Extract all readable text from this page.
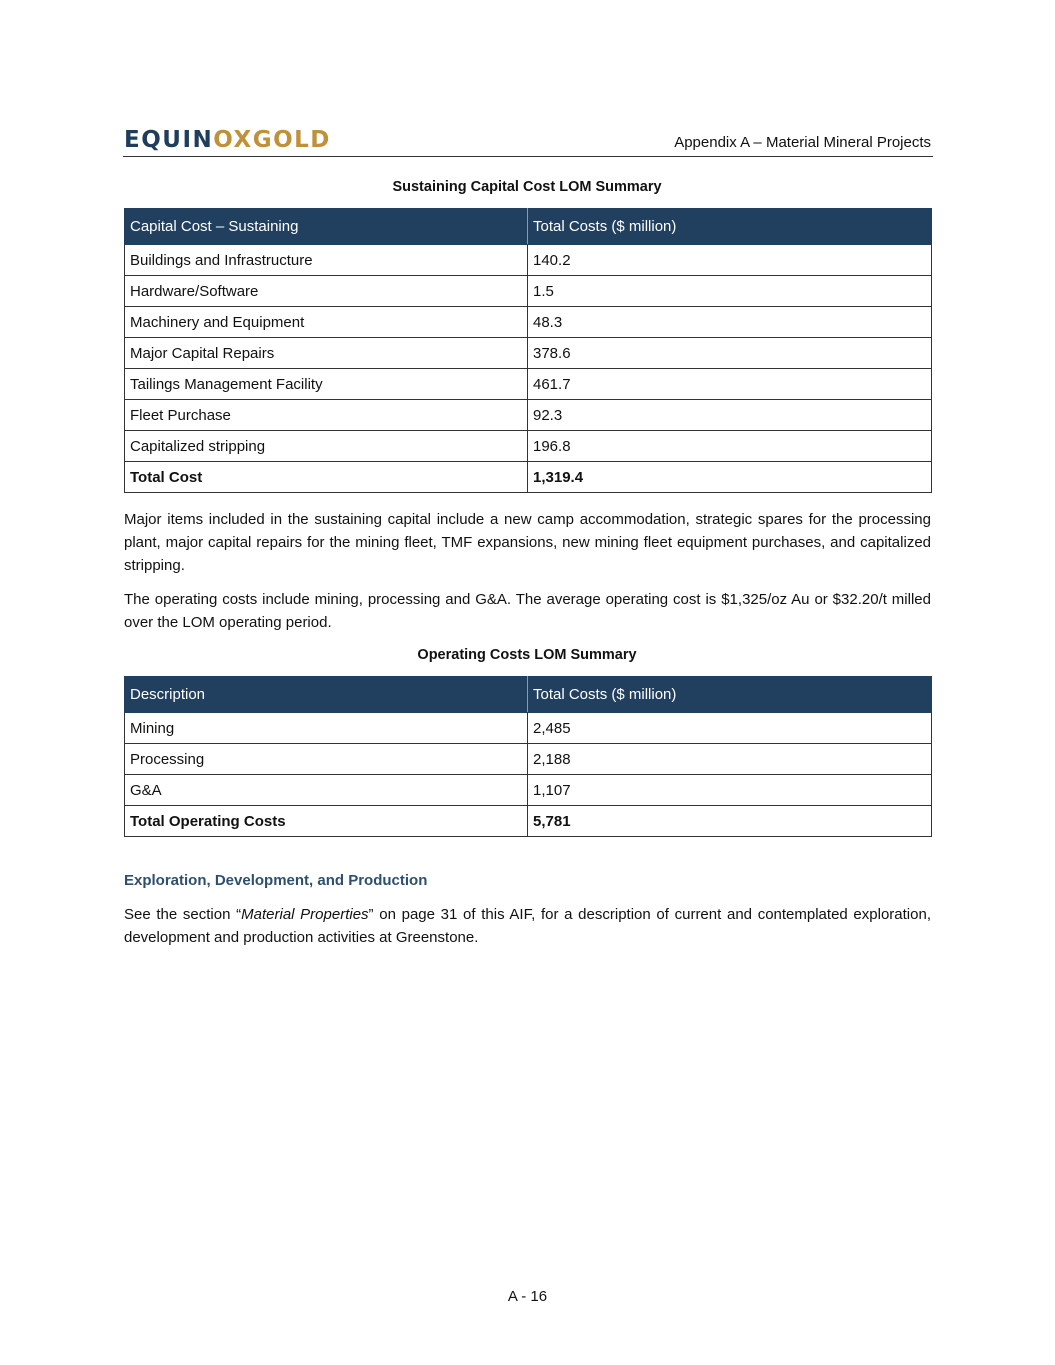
EQUINOXGOLD	Appendix A – Material Mineral Projects
Sustaining Capital Cost LOM Summary
Capital Cost – Sustaining	Total Costs ($ million)
Buildings and Infrastructure	140.2
Hardware/Software	1.5
Machinery and Equipment	48.3
Major Capital Repairs	378.6
Tailings Management Facility	461.7
Fleet Purchase	92.3
Capitalized stripping	196.8
Total Cost	1,319.4

Major items included in the sustaining capital include a new camp accommodation, strategic spares for the processing plant, major capital repairs for the mining fleet, TMF expansions, new mining fleet equipment purchases, and capitalized stripping.

The operating costs include mining, processing and G&A. The average operating cost is $1,325/oz Au or $32.20/t milled over the LOM operating period.

Operating Costs LOM Summary
Description	Total Costs ($ million)
Mining	2,485
Processing	2,188
G&A	1,107
Total Operating Costs	5,781
Exploration, Development, and Production

See the section “Material Properties” on page 31 of this AIF, for a description of current and contemplated exploration, development and production activities at Greenstone.

A - 16
